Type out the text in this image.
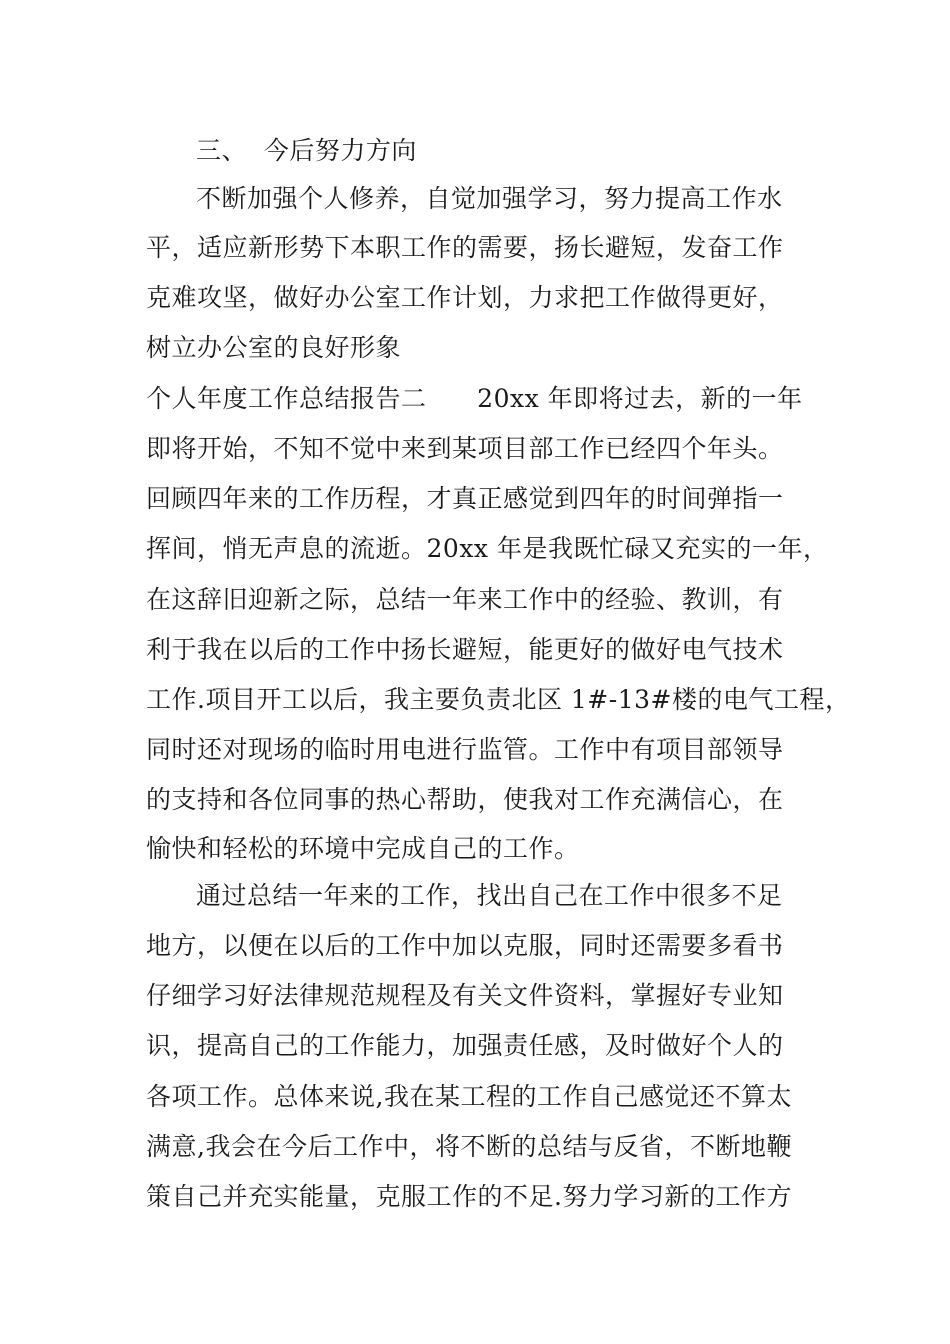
三、  今后努力方向
不断加强个人修养，自觉加强学习，努力提高工作水
平，适应新形势下本职工作的需要，扬长避短，发奋工作
克难攻坚，做好办公室工作计划，力求把工作做得更好，
树立办公室的良好形象
个人年度工作总结报告二      20xx 年即将过去，新的一年
即将开始，不知不觉中来到某项目部工作已经四个年头。
回顾四年来的工作历程，才真正感觉到四年的时间弹指一
挥间，悄无声息的流逝。20xx 年是我既忙碌又充实的一年，
在这辞旧迎新之际，总结一年来工作中的经验、教训，有
利于我在以后的工作中扬长避短，能更好的做好电气技术
工作.项目开工以后，我主要负责北区 1#-13#楼的电气工程，
同时还对现场的临时用电进行监管。工作中有项目部领导
的支持和各位同事的热心帮助，使我对工作充满信心，在
愉快和轻松的环境中完成自己的工作。
通过总结一年来的工作，找出自己在工作中很多不足
地方，以便在以后的工作中加以克服，同时还需要多看书
仔细学习好法律规范规程及有关文件资料，掌握好专业知
识，提高自己的工作能力，加强责任感，及时做好个人的
各项工作。总体来说,我在某工程的工作自己感觉还不算太
满意,我会在今后工作中，将不断的总结与反省，不断地鞭
策自己并充实能量，克服工作的不足.努力学习新的工作方
